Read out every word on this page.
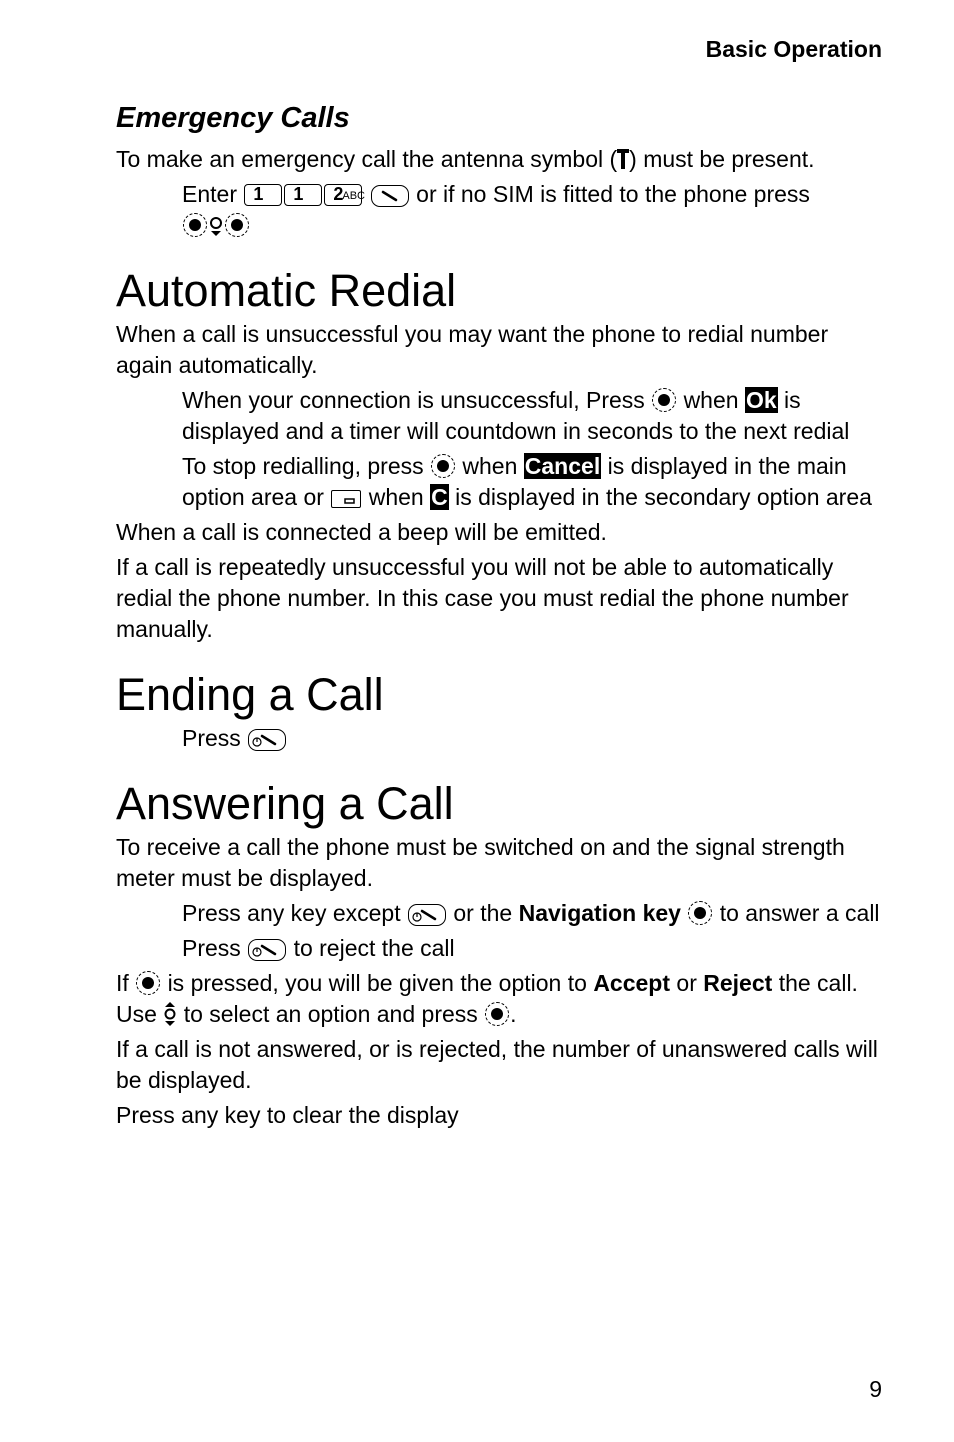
Basic Operation
Emergency Calls

To make an emergency call the antenna symbol ( ) must be present.

Enter 1 1 2
ABC or if no SIM is fitted to the phone press

Automatic Redial

When a call is unsuccessful you may want the phone to redial number again automatically.

When your connection is unsuccessful, Press when Ok is displayed and a timer will countdown in seconds to the next redial

To stop redialling, press when Cancel is displayed in the main option area or when C is displayed in the secondary option area

When a call is connected a beep will be emitted.

If a call is repeatedly unsuccessful you will not be able to automatically redial the phone number. In this case you must redial the phone number manually.

Ending a Call

Press

Answering a Call

To receive a call the phone must be switched on and the signal strength meter must be displayed.

Press any key except or the Navigation key to answer a call

Press to reject the call

If is pressed, you will be given the option to Accept or Reject the call. Use to select an option and press .

If a call is not answered, or is rejected, the number of unanswered calls will be displayed.

Press any key to clear the display

9
